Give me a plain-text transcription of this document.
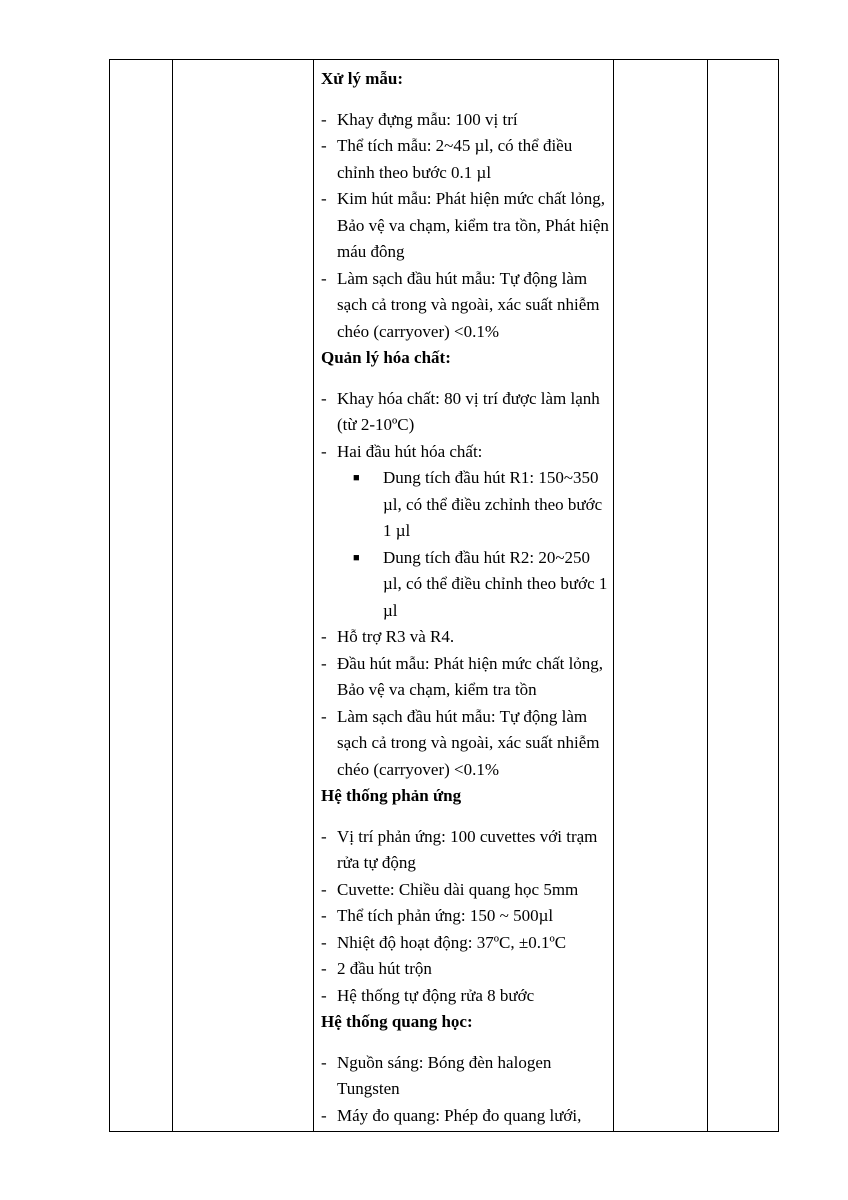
Xử lý mẫu:

- Khay đựng mẫu: 100 vị trí
- Thể tích mẫu: 2~45 µl, có thể điều chỉnh theo bước 0.1 µl
- Kim hút mẫu: Phát hiện mức chất lỏng, Bảo vệ va chạm, kiểm tra tồn, Phát hiện máu đông
- Làm sạch đầu hút mẫu: Tự động làm sạch cả trong và ngoài, xác suất nhiễm chéo (carryover) <0.1%

Quản lý hóa chất:

- Khay hóa chất: 80 vị trí được làm lạnh (từ 2-10ºC)
- Hai đầu hút hóa chất:
■ Dung tích đầu hút R1: 150~350 µl, có thể điều zchỉnh theo bước 1 µl
■ Dung tích đầu hút R2: 20~250 µl, có thể điều chỉnh theo bước 1 µl
- Hỗ trợ R3 và R4.
- Đầu hút mẫu: Phát hiện mức chất lỏng, Bảo vệ va chạm, kiểm tra tồn
- Làm sạch đầu hút mẫu: Tự động làm sạch cả trong và ngoài, xác suất nhiễm chéo (carryover) <0.1%

Hệ thống phản ứng

- Vị trí phản ứng: 100 cuvettes với trạm rửa tự động
- Cuvette: Chiều dài quang học 5mm
- Thể tích phản ứng: 150 ~ 500µl
- Nhiệt độ hoạt động: 37ºC, ±0.1ºC
- 2 đầu hút trộn
- Hệ thống tự động rửa 8 bước

Hệ thống quang học:

- Nguồn sáng: Bóng đèn halogen Tungsten
- Máy đo quang: Phép đo quang lưới,
